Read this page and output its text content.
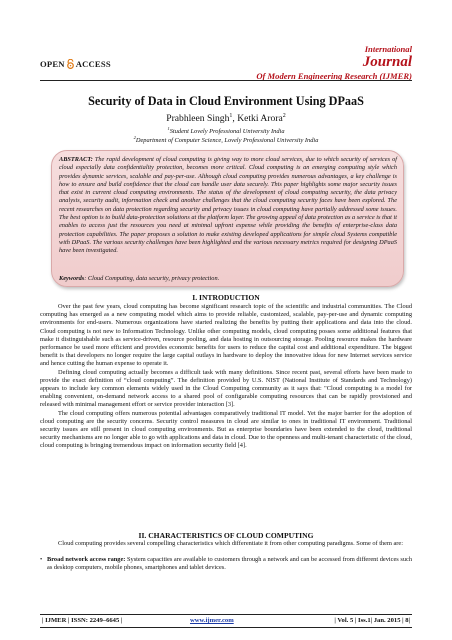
OPEN ACCESS
International
Journal
Of Modern Engineering Research (IJMER)
Security of Data in Cloud Environment Using DPaaS
Prabhleen Singh$^1$, Ketki Arora$^2$
$^1$Student Lovely Professional University India
$^2$Department of Computer Science, Lovely Professional University India
ABSTRACT: The rapid development of cloud computing is giving way to more cloud services, due to which security of services of cloud especially data confidentiality protection, becomes more critical. Cloud computing is an emerging computing style which provides dynamic services, scalable and pay-per-use. Although cloud computing provides numerous advantages, a key challenge is how to ensure and build confidence that the cloud can handle user data securely. This paper highlights some major security issues that exist in current cloud computing environments. The status of the development of cloud computing security, the data privacy analysis, security audit, information check and another challenges that the cloud computing security faces have been explored. The recent researches on data protection regarding security and privacy issues in cloud computing have partially addressed some issues. The best option is to build data-protection solutions at the platform layer. The growing appeal of data protection as a service is that it enables to access just the resources you need at minimal upfront expense while providing the benefits of enterprise-class data protection capabilities. The paper proposes a solution to make existing developed applications for simple cloud Systems compatible with DPaaS. The various security challenges have been highlighted and the various necessary metrics required for designing DPaaS have been investigated.
Keywords: Cloud Computing, data security, privacy protection.
I. INTRODUCTION

Over the past few years, cloud computing has become significant research topic of the scientific and industrial communities. The Cloud computing has emerged as a new computing model which aims to provide reliable, customized, scalable, pay-per-use and dynamic computing environments for end-users. Numerous organizations have started realizing the benefits by putting their applications and data into the cloud. Cloud computing is not new to Information Technology. Unlike other computing models, cloud computing posses some additional features that make it distinguishable such as service-driven, resource pooling, and data hosting in outsourcing storage. Pooling resource makes the hardware performance be used more efficient and provides economic benefits for users to reduce the capital cost and additional expenditure. The biggest benefit is that developers no longer require the large capital outlays in hardware to deploy the innovative ideas for new Internet services service and hence cutting the human expense to operate it.

Defining cloud computing actually becomes a difficult task with many definitions. Since recent past, several efforts have been made to provide the exact definition of “cloud computing”. The definition provided by U.S. NIST (National Institute of Standards and Technology) appears to include key common elements widely used in the Cloud Computing community as it says that: "Cloud computing is a model for enabling convenient, on-demand network access to a shared pool of configurable computing resources that can be rapidly provisioned and released with minimal management effort or service provider interaction [3].

The cloud computing offers numerous potential advantages comparatively traditional IT model. Yet the major barrier for the adoption of cloud computing are the security concerns. Security control measures in cloud are similar to ones in traditional IT environment. Traditional security issues are still present in cloud computing environments. But as enterprise boundaries have been extended to the cloud, traditional security mechanisms are no longer able to go with applications and data in cloud. Due to the openness and multi-tenant characteristic of the cloud, cloud computing is bringing tremendous impact on information security field [4].

II. CHARACTERISTICS OF CLOUD COMPUTING

Cloud computing provides several compelling characteristics which differentiate it from other computing paradigms. Some of them are:

• Broad network access range: System capacities are available to customers through a network and can be accessed from different devices such as desktop computers, mobile phones, smartphones and tablet devices.
| IJMER | ISSN: 2249–6645 |	www.ijmer.com	| Vol. 5 | Iss.1| Jan. 2015 | 8|
